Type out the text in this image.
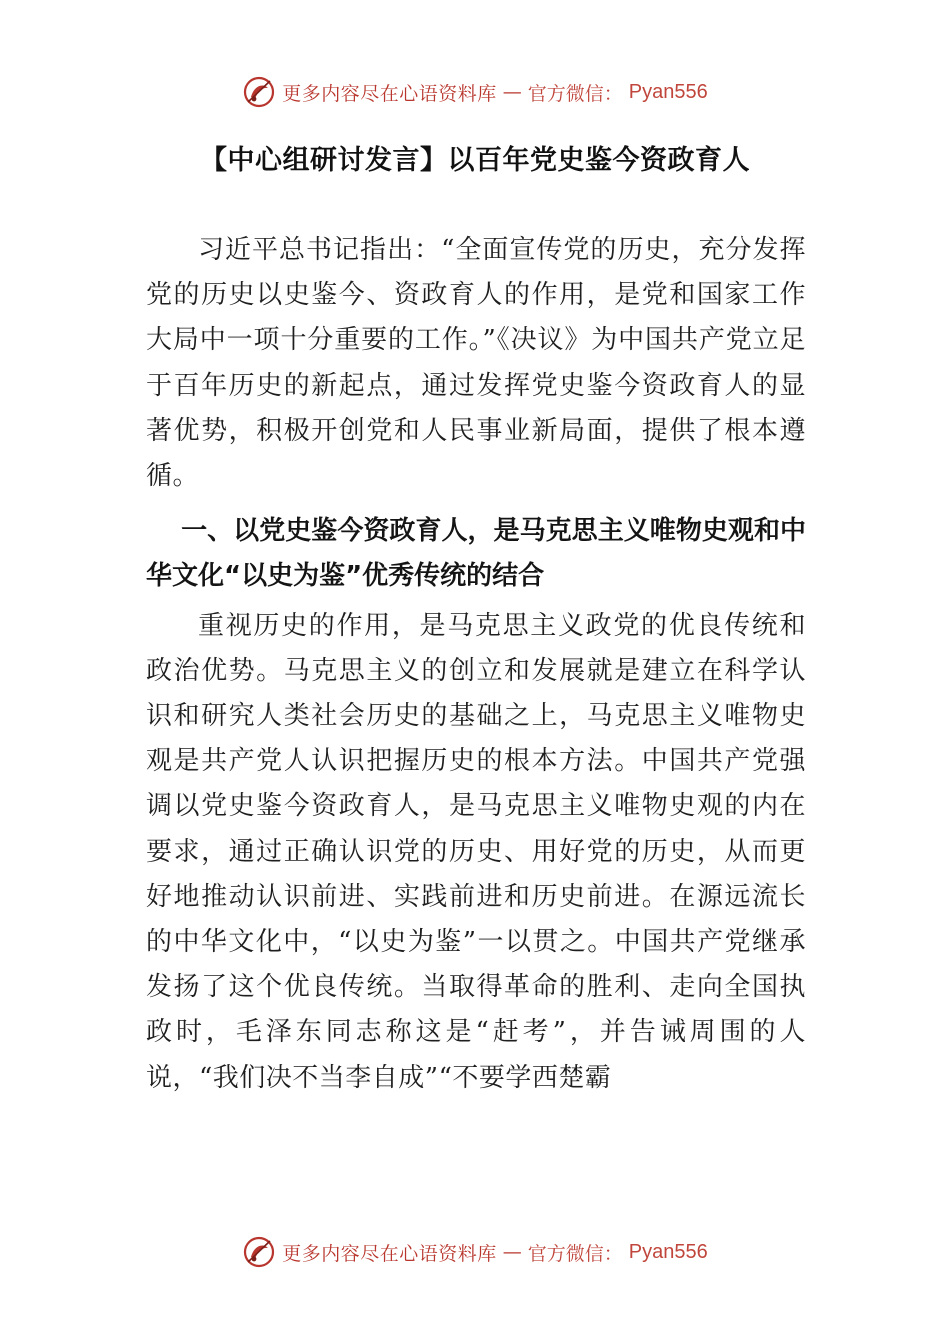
更多内容尽在心语资料库 — 官方微信： Pyan556
【中心组研讨发言】以百年党史鉴今资政育人

习近平总书记指出：“全面宣传党的历史，充分发挥党的历史以史鉴今、资政育人的作用，是党和国家工作大局中一项十分重要的工作。”《决议》为中国共产党立足于百年历史的新起点，通过发挥党史鉴今资政育人的显著优势，积极开创党和人民事业新局面，提供了根本遵循。

一、以党史鉴今资政育人，是马克思主义唯物史观和中华文化“以史为鉴”优秀传统的结合

重视历史的作用，是马克思主义政党的优良传统和政治优势。马克思主义的创立和发展就是建立在科学认识和研究人类社会历史的基础之上，马克思主义唯物史观是共产党人认识把握历史的根本方法。中国共产党强调以党史鉴今资政育人，是马克思主义唯物史观的内在要求，通过正确认识党的历史、用好党的历史，从而更好地推动认识前进、实践前进和历史前进。在源远流长的中华文化中，“以史为鉴”一以贯之。中国共产党继承发扬了这个优良传统。当取得革命的胜利、走向全国执政时，毛泽东同志称这是“赶考”，并告诫周围的人说，“我们决不当李自成”“不要学西楚霸

更多内容尽在心语资料库 — 官方微信： Pyan556
